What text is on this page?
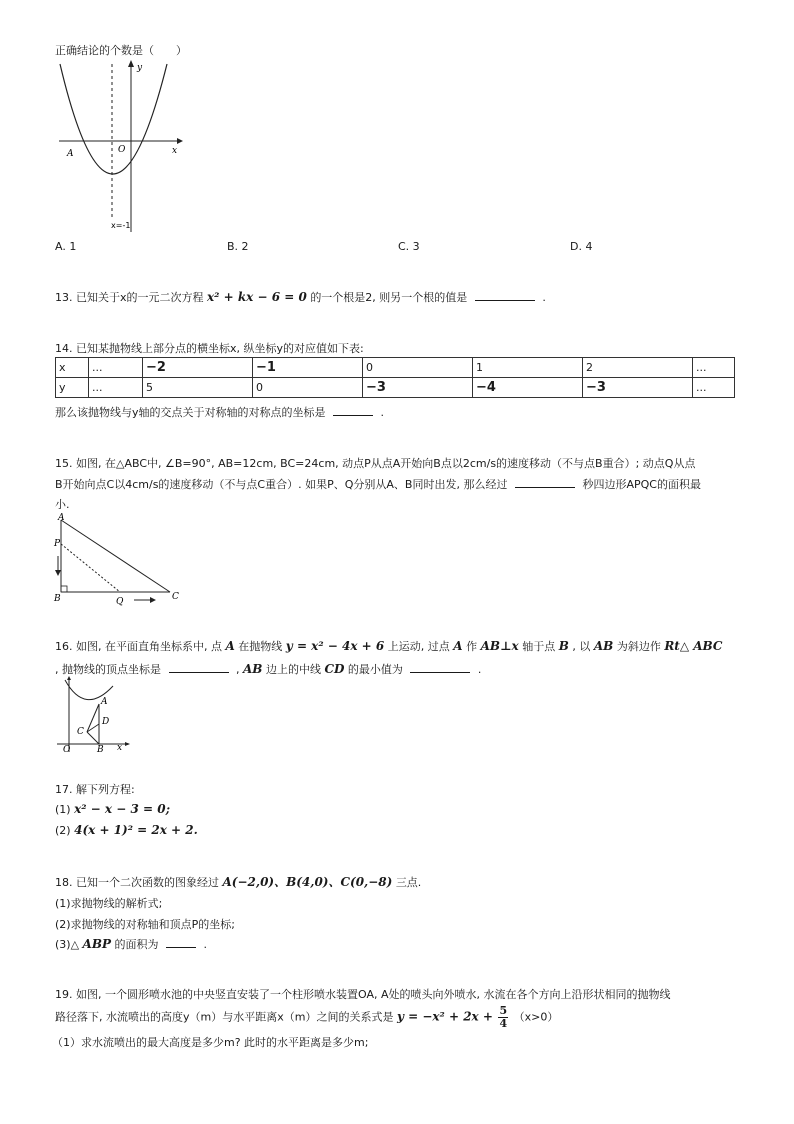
正确结论的个数是（　　）
y
x
O
A
x=-1
A. 1	B. 2	C. 3	D. 4
13. 已知关于x的一元二次方程 x² + kx − 6 = 0 的一个根是2, 则另一个根的值是	.
14. 已知某抛物线上部分点的横坐标x, 纵坐标y的对应值如下表:
x	...	−2	−1	0	1	2	...
y	...	5	0	−3	−4	−3	...
那么该抛物线与y轴的交点关于对称轴的对称点的坐标是	.
15. 如图, 在△ABC中, ∠B=90°, AB=12cm, BC=24cm, 动点P从点A开始向B点以2cm/s的速度移动（不与点B重合）; 动点Q从点
B开始向点C以4cm/s的速度移动（不与点C重合）. 如果P、Q分别从A、B同时出发, 那么经过	秒四边形APQC的面积最
小.
A
P
B	Q	C
16. 如图, 在平面直角坐标系中, 点 A 在抛物线 y = x² − 4x + 6 上运动, 过点 A 作 AB⊥x 轴于点 B , 以 AB 为斜边作 Rt△ ABC
, 抛物线的顶点坐标是	, AB 边上的中线 CD 的最小值为	.
O	B
C
D
A
x
17. 解下列方程:
(1) x² − x − 3 = 0;
(2) 4(x + 1)² = 2x + 2.
18. 已知一个二次函数的图象经过 A(−2,0)、B(4,0)、C(0,−8) 三点.
(1)求抛物线的解析式;
(2)求抛物线的对称轴和顶点P的坐标;
(3)△ ABP 的面积为	.
19. 如图, 一个圆形喷水池的中央竖直安装了一个柱形喷水装置OA, A处的喷头向外喷水, 水流在各个方向上沿形状相同的抛物线
路径落下, 水流喷出的高度y（m）与水平距离x（m）之间的关系式是 $y = -x^2 + 2x + \frac{5}{4} (x>0)$
（1）求水流喷出的最大高度是多少m? 此时的水平距离是多少m;
